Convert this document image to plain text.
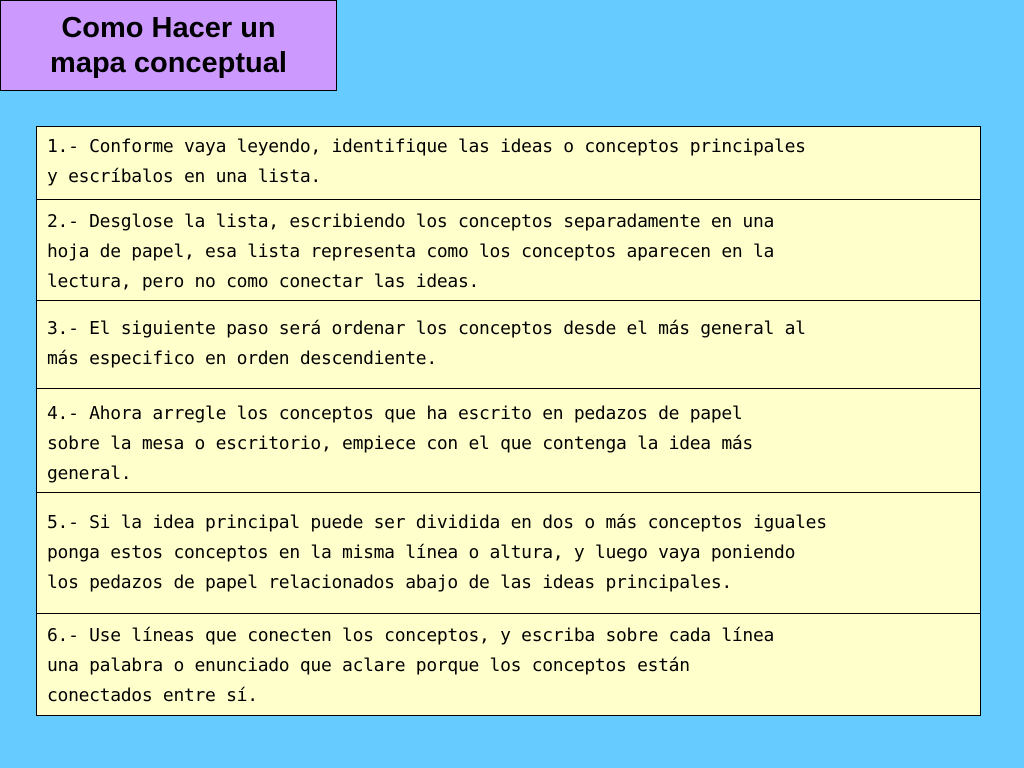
Como Hacer un
mapa conceptual
1.- Conforme vaya leyendo, identifique las ideas o conceptos principales
y escríbalos en una lista.
2.- Desglose la lista, escribiendo los conceptos separadamente en una
hoja de papel, esa lista representa como los conceptos aparecen en la
lectura, pero no como conectar las ideas.
3.- El siguiente paso será ordenar los conceptos desde el más general al
más especifico en orden descendiente.
4.- Ahora arregle los conceptos que ha escrito en pedazos de papel
sobre la mesa o escritorio, empiece con el que contenga la idea más
general.
5.- Si la idea principal puede ser dividida en dos o más conceptos iguales
ponga estos conceptos en la misma línea o altura, y luego vaya poniendo
los pedazos de papel relacionados abajo de las ideas principales.
6.- Use líneas que conecten los conceptos, y escriba sobre cada línea
una palabra o enunciado que aclare porque los conceptos están
conectados entre sí.
